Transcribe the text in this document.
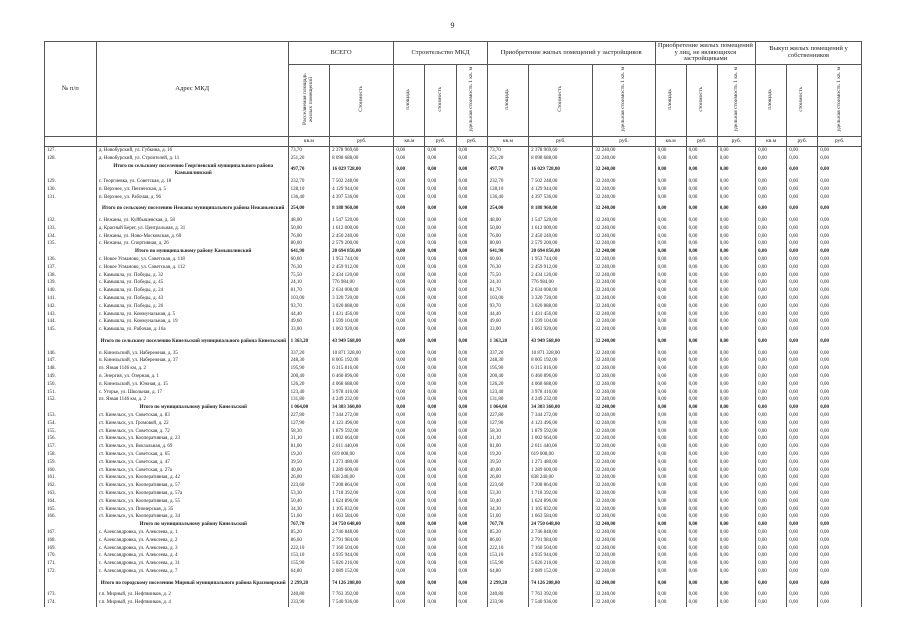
9
№ п/п	Адрес МКД	ВСЕГО		Строительство МКД			Приобретение жилых помещений у застройщиков			Приобретение жилых помещений у лиц, не являющихся застройщиками			Выкуп жилых помещений у собственников		
		Расселяемая площадь жилых помещений	Стоимость	площадь	стоимость	удельная стоимость 1 кв. м	площадь	Стоимость	удельная стоимость 1 кв. м	площадь	стоимость	удельная стоимость 1 кв. м	площадь	стоимость	удельная стоимость 1 кв. м
		кв.м	руб.	кв.м	руб.	руб.	кв.м	руб.	руб.	кв.м	руб.	руб.	кв.м	руб.	руб.
127.	д. Новобурский, ул. Губкина, д. 16	73,70	2 378 969,60	0,00	0,00	0,00	73,70	2 378 969,60	32 240,00	0,00	0,00	0,00	0,00	0,00	0,00
128.	д. Новобурский, ул. Строителей, д. 11	251,20	8 098 688,00	0,00	0,00	0,00	251,20	8 098 688,00	32 240,00	0,00	0,00	0,00	0,00	0,00	0,00
	Итого по сельскому поселению Георгиевский муниципального района Камышлинский	497,70	16 029 728,00	0,00	0,00	0,00	497,70	16 029 728,00	32 240,00	0,00	0,00	0,00	0,00	0,00	0,00
129.	с. Георгиевка, ул. Советская, д. 18	232,70	7 502 248,00	0,00	0,00	0,00	232,70	7 502 248,00	32 240,00	0,00	0,00	0,00	0,00	0,00	0,00
130.	п. Верхнее, ул. Пензенская, д. 5	128,10	4 129 944,00	0,00	0,00	0,00	128,10	4 129 944,00	32 240,00	0,00	0,00	0,00	0,00	0,00	0,00
131.	п. Верхнее, ул. Рабочая, д. 96	136,40	4 397 536,00	0,00	0,00	0,00	136,40	4 397 536,00	32 240,00	0,00	0,00	0,00	0,00	0,00	0,00
	Итого по сельскому поселению Нежаны муниципального района Нежаньевский	254,00	8 188 960,00	0,00	0,00	0,00	254,00	8 188 960,00	32 240,00	0,00	0,00	0,00	0,00	0,00	0,00
132.	с. Нежаны, ул. Куйбышевская, д. 58	48,00	1 547 520,00	0,00	0,00	0,00	48,00	1 547 520,00	32 240,00	0,00	0,00	0,00	0,00	0,00	0,00
133.	д. Красный Берег, ул. Центральная, д. 31	50,00	1 612 000,00	0,00	0,00	0,00	50,00	1 612 000,00	32 240,00	0,00	0,00	0,00	0,00	0,00	0,00
134.	с. Нежаны, ул. Ново-Московская, д. 60	76,00	2 450 240,00	0,00	0,00	0,00	76,00	2 450 240,00	32 240,00	0,00	0,00	0,00	0,00	0,00	0,00
135.	с. Нежаны, ул. Спортивная, д. 26	80,00	2 579 200,00	0,00	0,00	0,00	80,00	2 579 200,00	32 240,00	0,00	0,00	0,00	0,00	0,00	0,00
	Итого по муниципальному району Камышлинский	641,90	20 694 856,00	0,00	0,00	0,00	641,90	20 694 856,00	32 240,00	0,00	0,00	0,00	0,00	0,00	0,00
136.	с. Новое Усманово, ул. Советская, д. 118	60,60	1 953 744,00	0,00	0,00	0,00	60,60	1 953 744,00	32 240,00	0,00	0,00	0,00	0,00	0,00	0,00
137.	с. Новое Усманово, ул. Советская, д. 112	76,30	2 459 912,00	0,00	0,00	0,00	76,30	2 459 912,00	32 240,00	0,00	0,00	0,00	0,00	0,00	0,00
138.	с. Камышла, ул. Победы, д. 32	75,50	2 434 120,00	0,00	0,00	0,00	75,50	2 434 120,00	32 240,00	0,00	0,00	0,00	0,00	0,00	0,00
139.	с. Камышла, ул. Победы, д. 45	24,10	776 984,00	0,00	0,00	0,00	24,10	776 984,00	32 240,00	0,00	0,00	0,00	0,00	0,00	0,00
140.	с. Камышла, ул. Победы, д. 24	81,70	2 634 008,00	0,00	0,00	0,00	81,70	2 634 008,00	32 240,00	0,00	0,00	0,00	0,00	0,00	0,00
141.	с. Камышла, ул. Победы, д. 43	103,00	3 320 720,00	0,00	0,00	0,00	103,00	3 320 720,00	32 240,00	0,00	0,00	0,00	0,00	0,00	0,00
142.	с. Камышла, ул. Победы, д. 26	93,70	3 020 888,00	0,00	0,00	0,00	93,70	3 020 888,00	32 240,00	0,00	0,00	0,00	0,00	0,00	0,00
143.	с. Камышла, ул. Коммунальная, д. 5	44,40	1 431 456,00	0,00	0,00	0,00	44,40	1 431 456,00	32 240,00	0,00	0,00	0,00	0,00	0,00	0,00
144.	с. Камышла, ул. Коммунальная, д. 19	49,60	1 599 104,00	0,00	0,00	0,00	49,60	1 599 104,00	32 240,00	0,00	0,00	0,00	0,00	0,00	0,00
145.	с. Камышла, ул. Рабочая, д. 16а	33,00	1 063 920,00	0,00	0,00	0,00	33,00	1 063 920,00	32 240,00	0,00	0,00	0,00	0,00	0,00	0,00
	Итого по сельскому поселению Кинельский муниципального района Кинельский	1 363,20	43 949 568,00	0,00	0,00	0,00	1 363,20	43 949 568,00	32 240,00	0,00	0,00	0,00	0,00	0,00	0,00
146.	п. Кинельский, ул. Набережная, д. 35	337,20	10 871 328,00	0,00	0,00	0,00	337,20	10 871 328,00	32 240,00	0,00	0,00	0,00	0,00	0,00	0,00
147.	п. Кинельский, ул. Набережная, д. 37	248,30	8 005 192,00	0,00	0,00	0,00	248,30	8 005 192,00	32 240,00	0,00	0,00	0,00	0,00	0,00	0,00
148.	пз. Язвая 1146 км, д. 2	195,90	6 315 816,00	0,00	0,00	0,00	195,90	6 315 816,00	32 240,00	0,00	0,00	0,00	0,00	0,00	0,00
149.	п. Энергия, ул. Озерная, д. 1	200,40	6 460 896,00	0,00	0,00	0,00	200,40	6 460 896,00	32 240,00	0,00	0,00	0,00	0,00	0,00	0,00
150.	п. Кинельский, ул. Южная, д. 15	126,20	4 068 688,00	0,00	0,00	0,00	126,20	4 068 688,00	32 240,00	0,00	0,00	0,00	0,00	0,00	0,00
151.	с. Угорье, ул. Школьная, д. 17	123,40	3 978 416,00	0,00	0,00	0,00	123,40	3 978 416,00	32 240,00	0,00	0,00	0,00	0,00	0,00	0,00
152.	пз. Язвая 1146 км, д. 2	131,80	4 249 232,00	0,00	0,00	0,00	131,80	4 249 232,00	32 240,00	0,00	0,00	0,00	0,00	0,00	0,00
	Итого по муниципальному району Кинельский	1 064,00	34 303 360,00	0,00	0,00	0,00	1 064,00	34 303 360,00	32 240,00	0,00	0,00	0,00	0,00	0,00	0,00
153.	ст. Кинельск, ул. Советская, д. 83	227,80	7 344 272,00	0,00	0,00	0,00	227,80	7 344 272,00	32 240,00	0,00	0,00	0,00	0,00	0,00	0,00
154.	ст. Кинельск, ул. Громовой, д. 22	127,90	4 123 496,00	0,00	0,00	0,00	127,90	4 123 496,00	32 240,00	0,00	0,00	0,00	0,00	0,00	0,00
155.	ст. Кинельск, ул. Советская, д. 72	58,30	1 879 592,00	0,00	0,00	0,00	58,30	1 879 592,00	32 240,00	0,00	0,00	0,00	0,00	0,00	0,00
156.	ст. Кинельск, ул. Кооперативная, д. 23	31,10	1 002 664,00	0,00	0,00	0,00	31,10	1 002 664,00	32 240,00	0,00	0,00	0,00	0,00	0,00	0,00
157.	ст. Кинельск, ул. Вокзальная, д. 69	81,00	2 611 440,00	0,00	0,00	0,00	81,00	2 611 440,00	32 240,00	0,00	0,00	0,00	0,00	0,00	0,00
158.	ст. Кинельск, ул. Советская, д. 65	19,20	619 008,00	0,00	0,00	0,00	19,20	619 008,00	32 240,00	0,00	0,00	0,00	0,00	0,00	0,00
159.	ст. Кинельск, ул. Советская, д. 47	39,50	1 273 480,00	0,00	0,00	0,00	39,50	1 273 480,00	32 240,00	0,00	0,00	0,00	0,00	0,00	0,00
160.	ст. Кинельск, ул. Советская, д. 27а	40,00	1 289 600,00	0,00	0,00	0,00	40,00	1 289 600,00	32 240,00	0,00	0,00	0,00	0,00	0,00	0,00
161.	ст. Кинельск, ул. Кооперативная, д. 42	26,00	838 240,00	0,00	0,00	0,00	26,00	838 240,00	32 240,00	0,00	0,00	0,00	0,00	0,00	0,00
162.	ст. Кинельск, ул. Кооперативная, д. 57	223,60	7 208 864,00	0,00	0,00	0,00	223,60	7 208 864,00	32 240,00	0,00	0,00	0,00	0,00	0,00	0,00
163.	ст. Кинельск, ул. Кооперативная, д. 57а	53,30	1 718 392,00	0,00	0,00	0,00	53,30	1 718 392,00	32 240,00	0,00	0,00	0,00	0,00	0,00	0,00
164.	ст. Кинельск, ул. Кооперативная, д. 55	50,40	1 624 896,00	0,00	0,00	0,00	50,40	1 624 896,00	32 240,00	0,00	0,00	0,00	0,00	0,00	0,00
165.	ст. Кинельск, ул. Пионерская, д. 35	34,30	1 105 832,00	0,00	0,00	0,00	34,30	1 105 832,00	32 240,00	0,00	0,00	0,00	0,00	0,00	0,00
166.	ст. Кинельск, ул. Кооперативная, д. 34	51,60	1 663 584,00	0,00	0,00	0,00	51,60	1 663 584,00	32 240,00	0,00	0,00	0,00	0,00	0,00	0,00
	Итого по муниципальному району Кинельский	767,70	24 750 648,00	0,00	0,00	0,00	767,70	24 750 648,00	32 240,00	0,00	0,00	0,00	0,00	0,00	0,00
167.	с. Александровка, ул. Алексеева, д. 1	85,20	2 746 848,00	0,00	0,00	0,00	85,20	2 746 848,00	32 240,00	0,00	0,00	0,00	0,00	0,00	0,00
168.	с. Александровка, ул. Алексеева, д. 2	86,60	2 791 984,00	0,00	0,00	0,00	86,60	2 791 984,00	32 240,00	0,00	0,00	0,00	0,00	0,00	0,00
169.	с. Александровка, ул. Алексеева, д. 3	222,10	7 160 504,00	0,00	0,00	0,00	222,10	7 160 504,00	32 240,00	0,00	0,00	0,00	0,00	0,00	0,00
170.	с. Александровка, ул. Алексеева, д. 4	153,10	4 935 944,00	0,00	0,00	0,00	153,10	4 935 944,00	32 240,00	0,00	0,00	0,00	0,00	0,00	0,00
171.	с. Александровка, ул. Алексеева, д. 31	155,90	5 026 216,00	0,00	0,00	0,00	155,90	5 026 216,00	32 240,00	0,00	0,00	0,00	0,00	0,00	0,00
172.	с. Александровка, ул. Алексеева, д. 7	64,80	2 089 152,00	0,00	0,00	0,00	64,80	2 089 152,00	32 240,00	0,00	0,00	0,00	0,00	0,00	0,00
	Итого по городскому поселению Мирный муниципального района Красноярский	2 299,20	74 126 208,00	0,00	0,00	0,00	2 299,20	74 126 208,00	32 240,00	0,00	0,00	0,00	0,00	0,00	0,00
173.	г.п. Мирный, ул. Нефтяников, д. 2	240,80	7 763 392,00	0,00	0,00	0,00	240,80	7 763 392,00	32 240,00	0,00	0,00	0,00	0,00	0,00	0,00
174.	г.п. Мирный, ул. Нефтяников, д. 4	233,90	7 540 936,00	0,00	0,00	0,00	233,90	7 540 936,00	32 240,00	0,00	0,00	0,00	0,00	0,00	0,00
